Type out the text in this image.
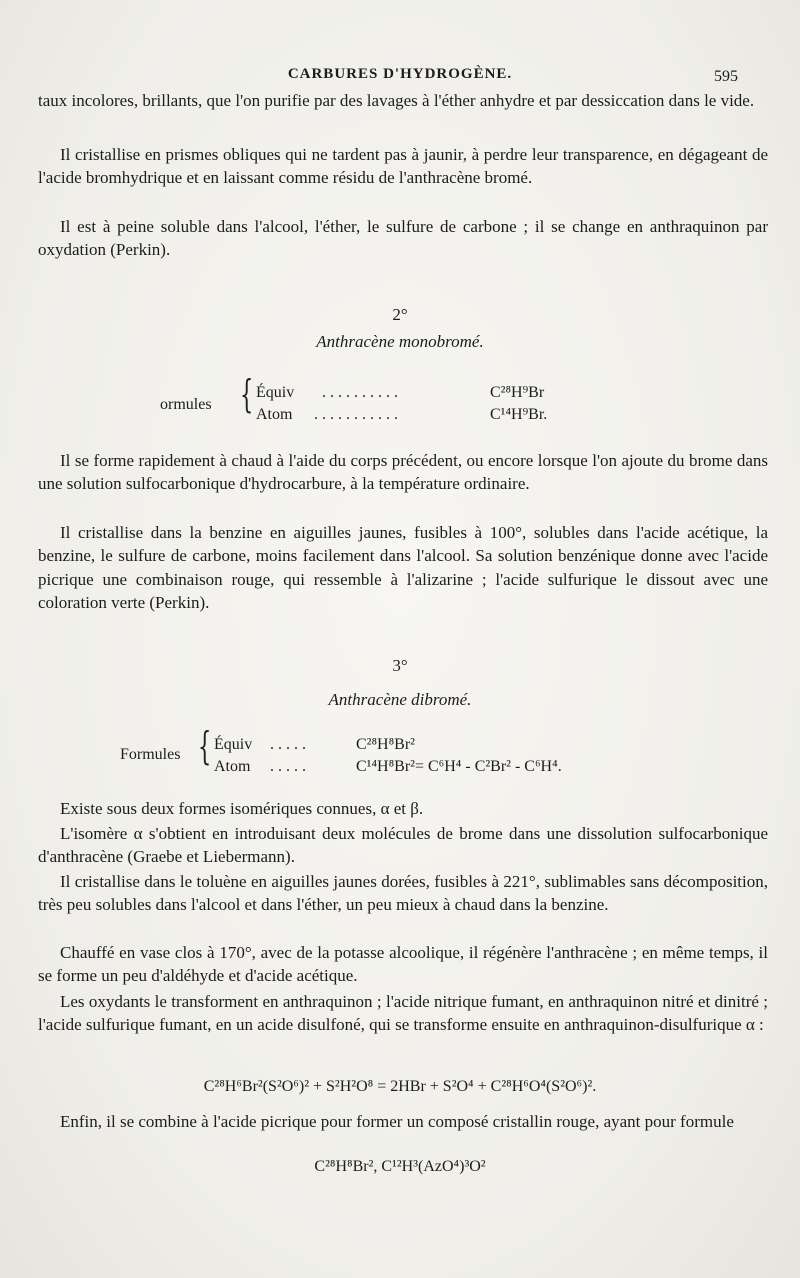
CARBURES D'HYDROGÈNE.	595
taux incolores, brillants, que l'on purifie par des lavages à l'éther anhydre et par dessiccation dans le vide.
Il cristallise en prismes obliques qui ne tardent pas à jaunir, à perdre leur transparence, en dégageant de l'acide bromhydrique et en laissant comme résidu de l'anthracène bromé.
Il est à peine soluble dans l'alcool, l'éther, le sulfure de carbone ; il se change en anthraquinon par oxydation (Perkin).
2°
Anthracène monobromé.
ormules { Équiv . . . . . . . . . .	C²⁸H⁹Br
Atom . . . . . . . . . . .	C¹⁴H⁹Br.
Il se forme rapidement à chaud à l'aide du corps précédent, ou encore lorsque l'on ajoute du brome dans une solution sulfocarbonique d'hydrocarbure, à la température ordinaire.
Il cristallise dans la benzine en aiguilles jaunes, fusibles à 100°, solubles dans l'acide acétique, la benzine, le sulfure de carbone, moins facilement dans l'alcool. Sa solution benzénique donne avec l'acide picrique une combinaison rouge, qui ressemble à l'alizarine ; l'acide sulfurique le dissout avec une coloration verte (Perkin).
3°
Anthracène dibromé.
Formules { Équiv . . . . .	C²⁸H⁸Br²
Atom . . . . .	C¹⁴H⁸Br²= C⁶H⁴ - C²Br² - C⁶H⁴.
Existe sous deux formes isomériques connues, α et β.
L'isomère α s'obtient en introduisant deux molécules de brome dans une dissolution sulfocarbonique d'anthracène (Graebe et Liebermann).
Il cristallise dans le toluène en aiguilles jaunes dorées, fusibles à 221°, sublimables sans décomposition, très peu solubles dans l'alcool et dans l'éther, un peu mieux à chaud dans la benzine.
Chauffé en vase clos à 170°, avec de la potasse alcoolique, il régénère l'anthracène ; en même temps, il se forme un peu d'aldéhyde et d'acide acétique.
Les oxydants le transforment en anthraquinon ; l'acide nitrique fumant, en anthraquinon nitré et dinitré ; l'acide sulfurique fumant, en un acide disulfoné, qui se transforme ensuite en anthraquinon-disulfurique α :
C²⁸H⁶Br²(S²O⁶)² + S²H²O⁸ = 2HBr + S²O⁴ + C²⁸H⁶O⁴(S²O⁶)².
Enfin, il se combine à l'acide picrique pour former un composé cristallin rouge, ayant pour formule
C²⁸H⁸Br², C¹²H³(AzO⁴)³O²
